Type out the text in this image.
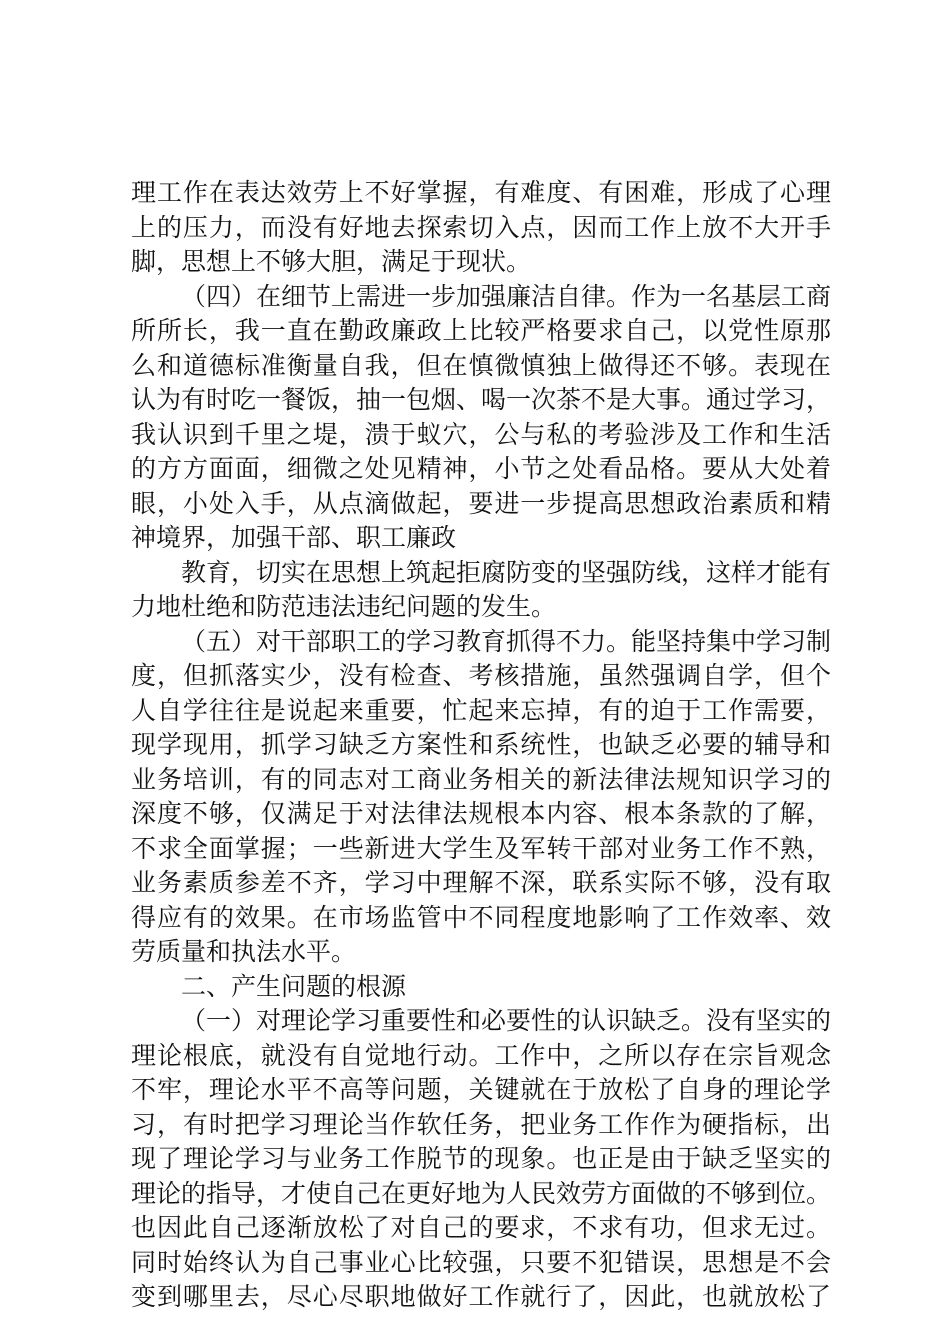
理工作在表达效劳上不好掌握，有难度、有困难，形成了心理
上的压力，而没有好地去探索切入点，因而工作上放不大开手
脚，思想上不够大胆，满足于现状。
（四）在细节上需进一步加强廉洁自律。作为一名基层工商
所所长，我一直在勤政廉政上比较严格要求自己，以党性原那
么和道德标准衡量自我，但在慎微慎独上做得还不够。表现在
认为有时吃一餐饭，抽一包烟、喝一次茶不是大事。通过学习，
我认识到千里之堤，溃于蚁穴，公与私的考验涉及工作和生活
的方方面面，细微之处见精神，小节之处看品格。要从大处着
眼，小处入手，从点滴做起，要进一步提高思想政治素质和精
神境界，加强干部、职工廉政
教育，切实在思想上筑起拒腐防变的坚强防线，这样才能有
力地杜绝和防范违法违纪问题的发生。
（五）对干部职工的学习教育抓得不力。能坚持集中学习制
度，但抓落实少，没有检查、考核措施，虽然强调自学，但个
人自学往往是说起来重要，忙起来忘掉，有的迫于工作需要，
现学现用，抓学习缺乏方案性和系统性，也缺乏必要的辅导和
业务培训，有的同志对工商业务相关的新法律法规知识学习的
深度不够，仅满足于对法律法规根本内容、根本条款的了解，
不求全面掌握；一些新进大学生及军转干部对业务工作不熟，
业务素质参差不齐，学习中理解不深，联系实际不够，没有取
得应有的效果。在市场监管中不同程度地影响了工作效率、效
劳质量和执法水平。
二、产生问题的根源
（一）对理论学习重要性和必要性的认识缺乏。没有坚实的
理论根底，就没有自觉地行动。工作中，之所以存在宗旨观念
不牢，理论水平不高等问题，关键就在于放松了自身的理论学
习，有时把学习理论当作软任务，把业务工作作为硬指标，出
现了理论学习与业务工作脱节的现象。也正是由于缺乏坚实的
理论的指导，才使自己在更好地为人民效劳方面做的不够到位。
也因此自己逐渐放松了对自己的要求，不求有功，但求无过。
同时始终认为自己事业心比较强，只要不犯错误，思想是不会
变到哪里去，尽心尽职地做好工作就行了，因此，也就放松了
